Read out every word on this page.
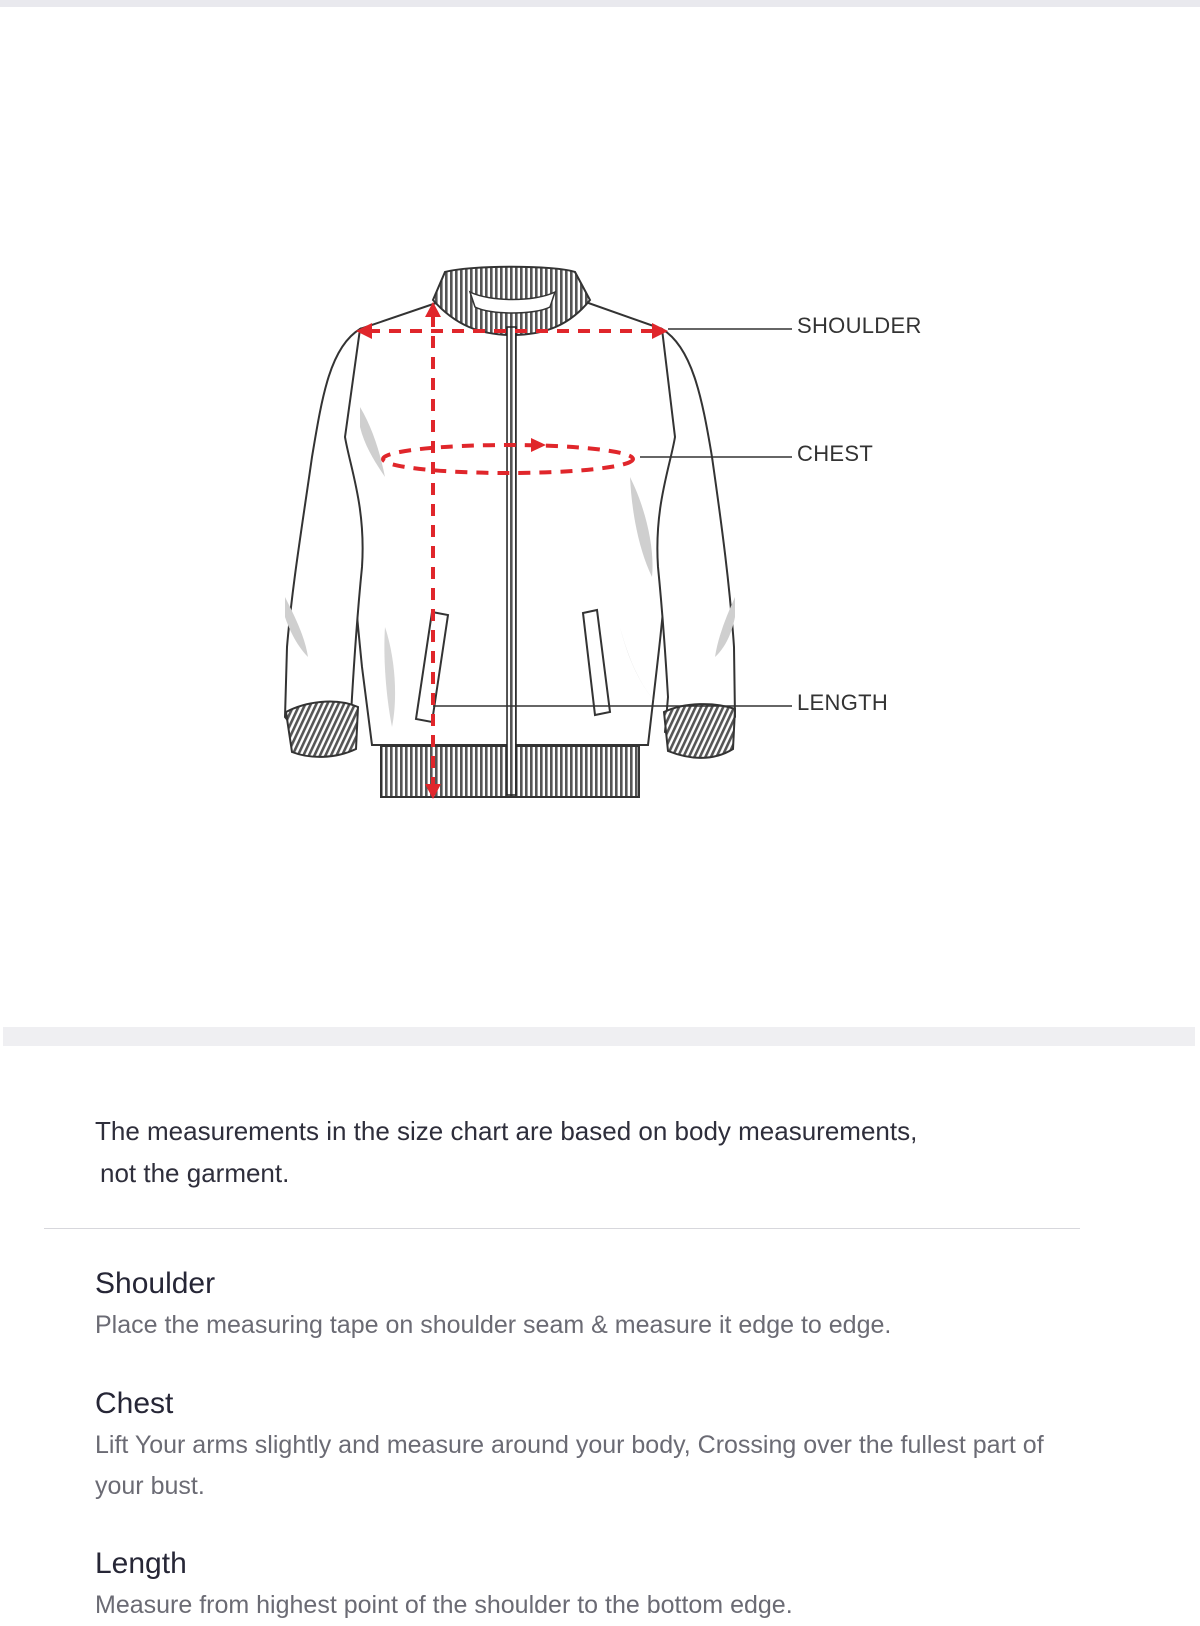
SHOULDER
CHEST
LENGTH
The measurements in the size chart are based on body measurements,
not the garment.
Shoulder

Place the measuring tape on shoulder seam & measure it edge to edge.

Chest

Lift Your arms slightly and measure around your body, Crossing over the fullest part of your bust.

Length

Measure from highest point of the shoulder to the bottom edge.
